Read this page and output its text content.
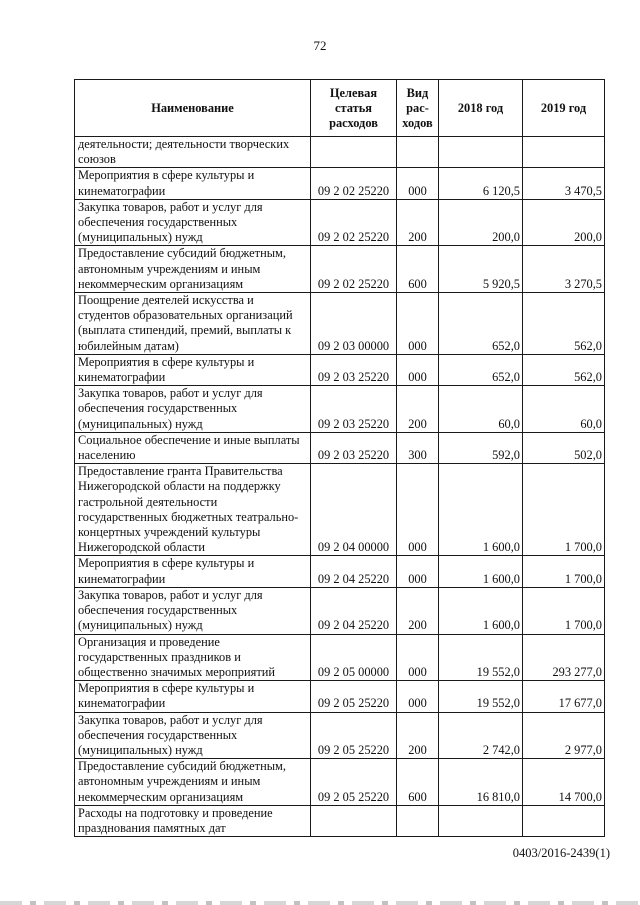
72
Наименование	Целевая статья расходов	Вид рас-ходов	2018 год	2019 год
деятельности; деятельности творческих союзов				
Мероприятия в сфере культуры и кинематографии	09 2 02 25220	000	6 120,5	3 470,5
Закупка товаров, работ и услуг для обеспечения государственных (муниципальных) нужд	09 2 02 25220	200	200,0	200,0
Предоставление субсидий бюджетным, автономным учреждениям и иным некоммерческим организациям	09 2 02 25220	600	5 920,5	3 270,5
Поощрение деятелей искусства и студентов образовательных организаций (выплата стипендий, премий, выплаты к юбилейным датам)	09 2 03 00000	000	652,0	562,0
Мероприятия в сфере культуры и кинематографии	09 2 03 25220	000	652,0	562,0
Закупка товаров, работ и услуг для обеспечения государственных (муниципальных) нужд	09 2 03 25220	200	60,0	60,0
Социальное обеспечение и иные выплаты населению	09 2 03 25220	300	592,0	502,0
Предоставление гранта Правительства Нижегородской области на поддержку гастрольной деятельности государственных бюджетных театрально-концертных учреждений культуры Нижегородской области	09 2 04 00000	000	1 600,0	1 700,0
Мероприятия в сфере культуры и кинематографии	09 2 04 25220	000	1 600,0	1 700,0
Закупка товаров, работ и услуг для обеспечения государственных (муниципальных) нужд	09 2 04 25220	200	1 600,0	1 700,0
Организация и проведение государственных праздников и общественно значимых мероприятий	09 2 05 00000	000	19 552,0	293 277,0
Мероприятия в сфере культуры и кинематографии	09 2 05 25220	000	19 552,0	17 677,0
Закупка товаров, работ и услуг для обеспечения государственных (муниципальных) нужд	09 2 05 25220	200	2 742,0	2 977,0
Предоставление субсидий бюджетным, автономным учреждениям и иным некоммерческим организациям	09 2 05 25220	600	16 810,0	14 700,0
Расходы на подготовку и проведение празднования памятных дат				
0403/2016-2439(1)
